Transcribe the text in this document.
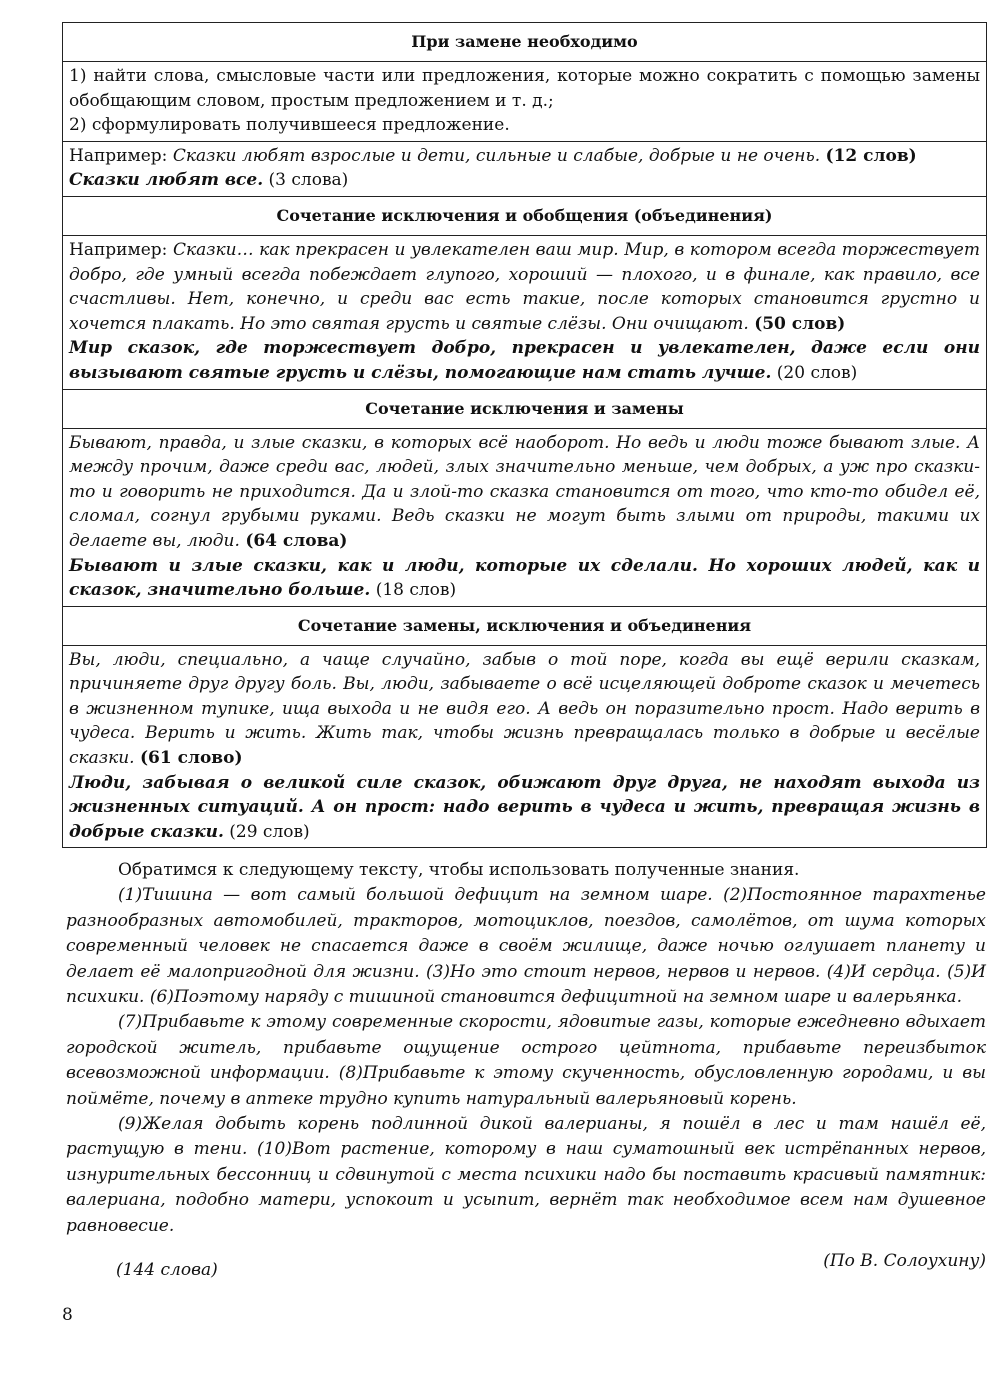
При замене необходимо

1) найти слова, смысловые части или предложения, которые можно сократить с помощью замены обобщающим словом, простым предложением и т. д.;

2) сформулировать получившееся предложение.

Например: Сказки любят взрослые и дети, сильные и слабые, добрые и не очень. (12 слов)

Сказки любят все. (3 слова)

Сочетание исключения и обобщения (объединения)

Например: Сказки… как прекрасен и увлекателен ваш мир. Мир, в котором всегда торжествует добро, где умный всегда побеждает глупого, хороший — плохого, и в финале, как правило, все счастливы. Нет, конечно, и среди вас есть такие, после которых становится грустно и хочется плакать. Но это святая грусть и святые слёзы. Они очищают. (50 слов)

Мир сказок, где торжествует добро, прекрасен и увлекателен, даже если они вызывают святые грусть и слёзы, помогающие нам стать лучше. (20 слов)

Сочетание исключения и замены

Бывают, правда, и злые сказки, в которых всё наоборот. Но ведь и люди тоже бывают злые. А между прочим, даже среди вас, людей, злых значительно меньше, чем добрых, а уж про сказки-то и говорить не приходится. Да и злой-то сказка становится от того, что кто-то обидел её, сломал, согнул грубыми руками. Ведь сказки не могут быть злыми от природы, такими их делаете вы, люди. (64 слова)

Бывают и злые сказки, как и люди, которые их сделали. Но хороших людей, как и сказок, значительно больше. (18 слов)

Сочетание замены, исключения и объединения

Вы, люди, специально, а чаще случайно, забыв о той поре, когда вы ещё верили сказкам, причиняете друг другу боль. Вы, люди, забываете о всё исцеляющей доброте сказок и мечетесь в жизненном тупике, ища выхода и не видя его. А ведь он поразительно прост. Надо верить в чудеса. Верить и жить. Жить так, чтобы жизнь превращалась только в добрые и весёлые сказки. (61 слово)

Люди, забывая о великой силе сказок, обижают друг друга, не находят выхода из жизненных ситуаций. А он прост: надо верить в чудеса и жить, превращая жизнь в добрые сказки. (29 слов)

Обратимся к следующему тексту, чтобы использовать полученные знания.

(1)Тишина — вот самый большой дефицит на земном шаре. (2)Постоянное тарахтенье разнообразных автомобилей, тракторов, мотоциклов, поездов, самолётов, от шума которых современный человек не спасается даже в своём жилище, даже ночью оглушает планету и делает её малопригодной для жизни. (3)Но это стоит нервов, нервов и нервов. (4)И сердца. (5)И психики. (6)Поэтому наряду с тишиной становится дефицитной на земном шаре и валерьянка.

(7)Прибавьте к этому современные скорости, ядовитые газы, которые ежедневно вдыхает городской житель, прибавьте ощущение острого цейтнота, прибавьте переизбыток всевозможной информации. (8)Прибавьте к этому скученность, обусловленную городами, и вы поймёте, почему в аптеке трудно купить натуральный валерьяновый корень.

(9)Желая добыть корень подлинной дикой валерианы, я пошёл в лес и там нашёл её, растущую в тени. (10)Вот растение, которому в наш суматошный век истрёпанных нервов, изнурительных бессонниц и сдвинутой с места психики надо бы поставить красивый памятник: валериана, подобно матери, успокоит и усыпит, вернёт так необходимое всем нам душевное равновесие.

(По В. Солоухину)

(144 слова)
8
